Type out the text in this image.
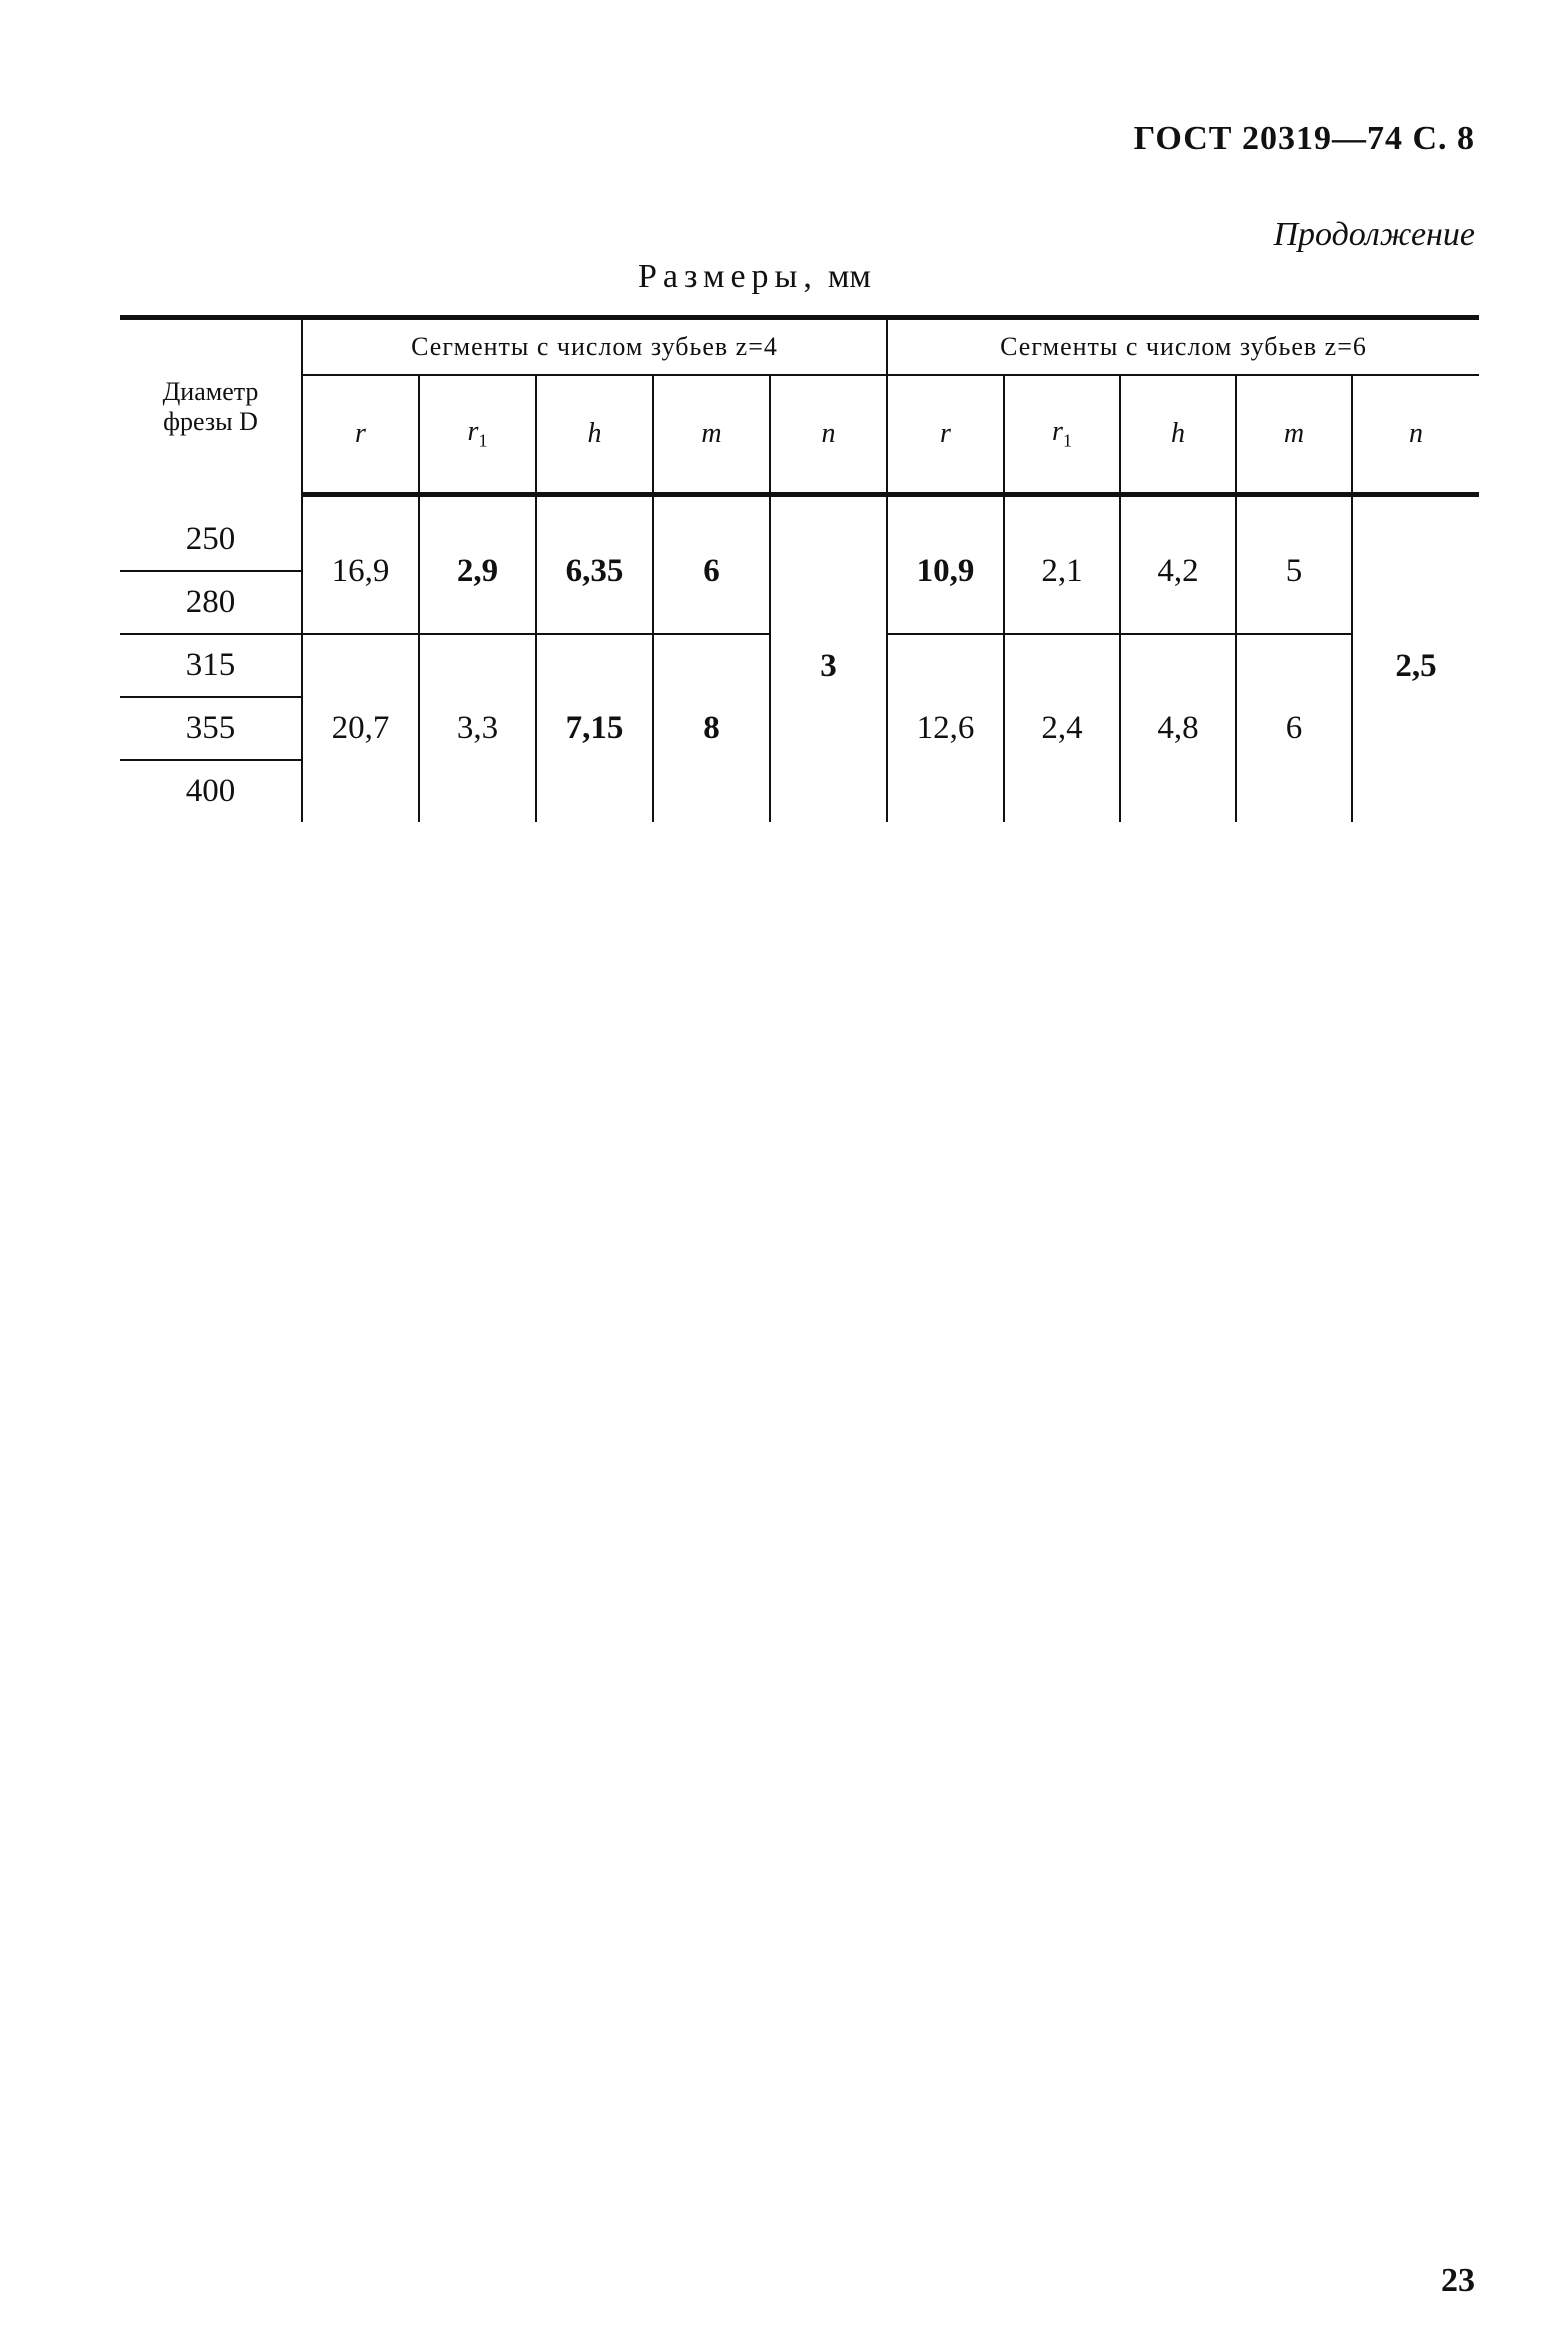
ГОСТ 20319—74 С. 8
Продолжение
Размеры, мм
Диаметр
фрезы D	Сегменты с числом зубьев z=4					Сегменты с числом зубьев z=6				
	r	$r_1$	h	m	n	r	$r_1$	h	m	n
250	16,9	2,9	6,35	6	3	10,9	2,1	4,2	5	2,5
280										
315	20,7	3,3	7,15	8		12,6	2,4	4,8	6	
355										
400										
23
